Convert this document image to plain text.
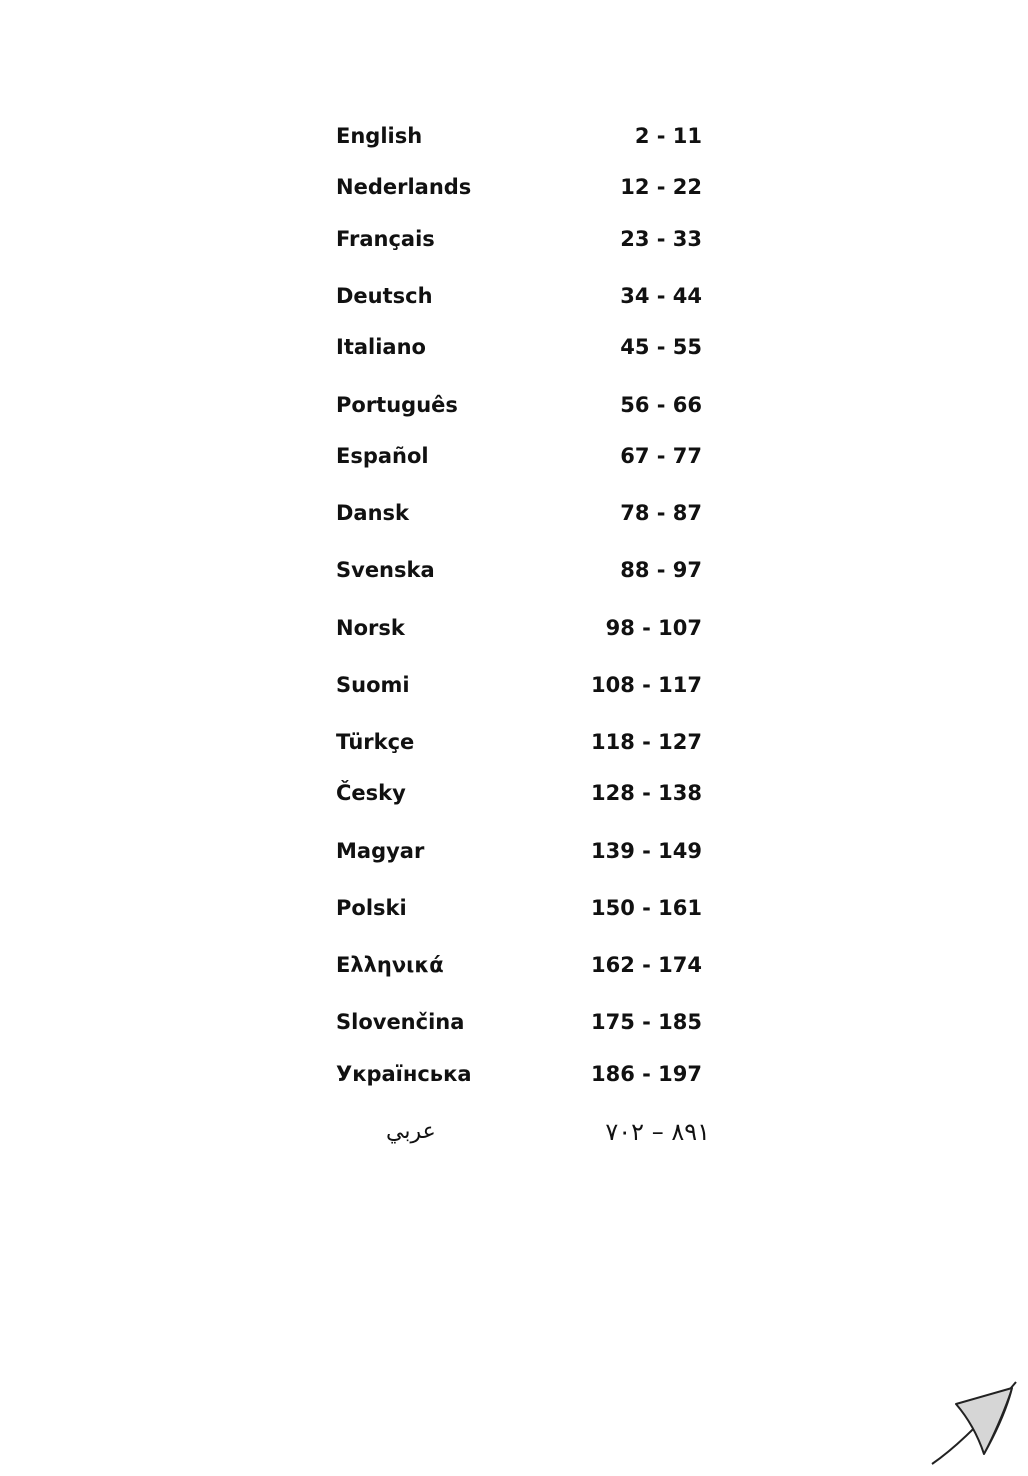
English	2 - 11
Nederlands	12 - 22
Français	23 - 33
Deutsch	34 - 44
Italiano	45 - 55
Português	56 - 66
Español	67 - 77
Dansk	78 - 87
Svenska	88 - 97
Norsk	98 - 107
Suomi	108 - 117
Türkçe	118 - 127
Česky	128 - 138
Magyar	139 - 149
Polski	150 - 161
Ελληνικά	162 - 174
Slovenčina	175 - 185
Українська	186 - 197
عربي	١٩٨ – ٢٠٧
